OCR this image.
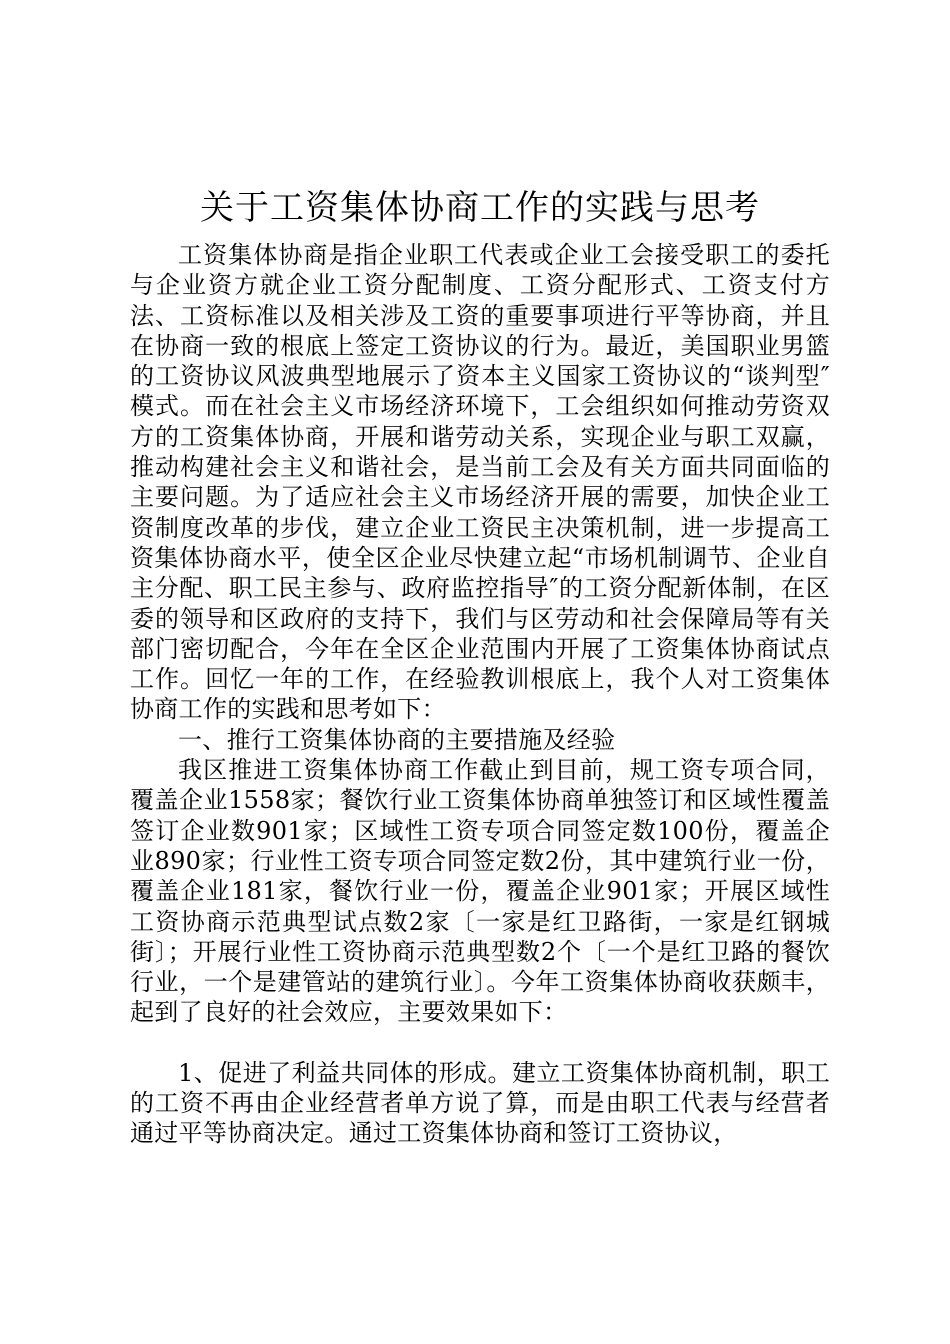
关于工资集体协商工作的实践与思考

工资集体协商是指企业职工代表或企业工会接受职工的委托与企业资方就企业工资分配制度、工资分配形式、工资支付方法、工资标准以及相关涉及工资的重要事项进行平等协商，并且在协商一致的根底上签定工资协议的行为。最近，美国职业男篮的工资协议风波典型地展示了资本主义国家工资协议的“谈判型″模式。而在社会主义市场经济环境下，工会组织如何推动劳资双方的工资集体协商，开展和谐劳动关系，实现企业与职工双赢，推动构建社会主义和谐社会，是当前工会及有关方面共同面临的主要问题。为了适应社会主义市场经济开展的需要，加快企业工资制度改革的步伐，建立企业工资民主决策机制，进一步提高工资集体协商水平，使全区企业尽快建立起“市场机制调节、企业自主分配、职工民主参与、政府监控指导″的工资分配新体制，在区委的领导和区政府的支持下，我们与区劳动和社会保障局等有关部门密切配合，今年在全区企业范围内开展了工资集体协商试点工作。回忆一年的工作，在经验教训根底上，我个人对工资集体协商工作的实践和思考如下：

一、推行工资集体协商的主要措施及经验

我区推进工资集体协商工作截止到目前，规工资专项合同，覆盖企业1558家；餐饮行业工资集体协商单独签订和区域性覆盖签订企业数901家；区域性工资专项合同签定数100份，覆盖企业890家；行业性工资专项合同签定数2份，其中建筑行业一份，覆盖企业181家，餐饮行业一份，覆盖企业901家；开展区域性工资协商示范典型试点数2家〔一家是红卫路街，一家是红钢城街〕；开展行业性工资协商示范典型数2个〔一个是红卫路的餐饮行业，一个是建管站的建筑行业〕。今年工资集体协商收获颇丰，起到了良好的社会效应，主要效果如下：

1、促进了利益共同体的形成。建立工资集体协商机制，职工的工资不再由企业经营者单方说了算，而是由职工代表与经营者通过平等协商决定。通过工资集体协商和签订工资协议，
